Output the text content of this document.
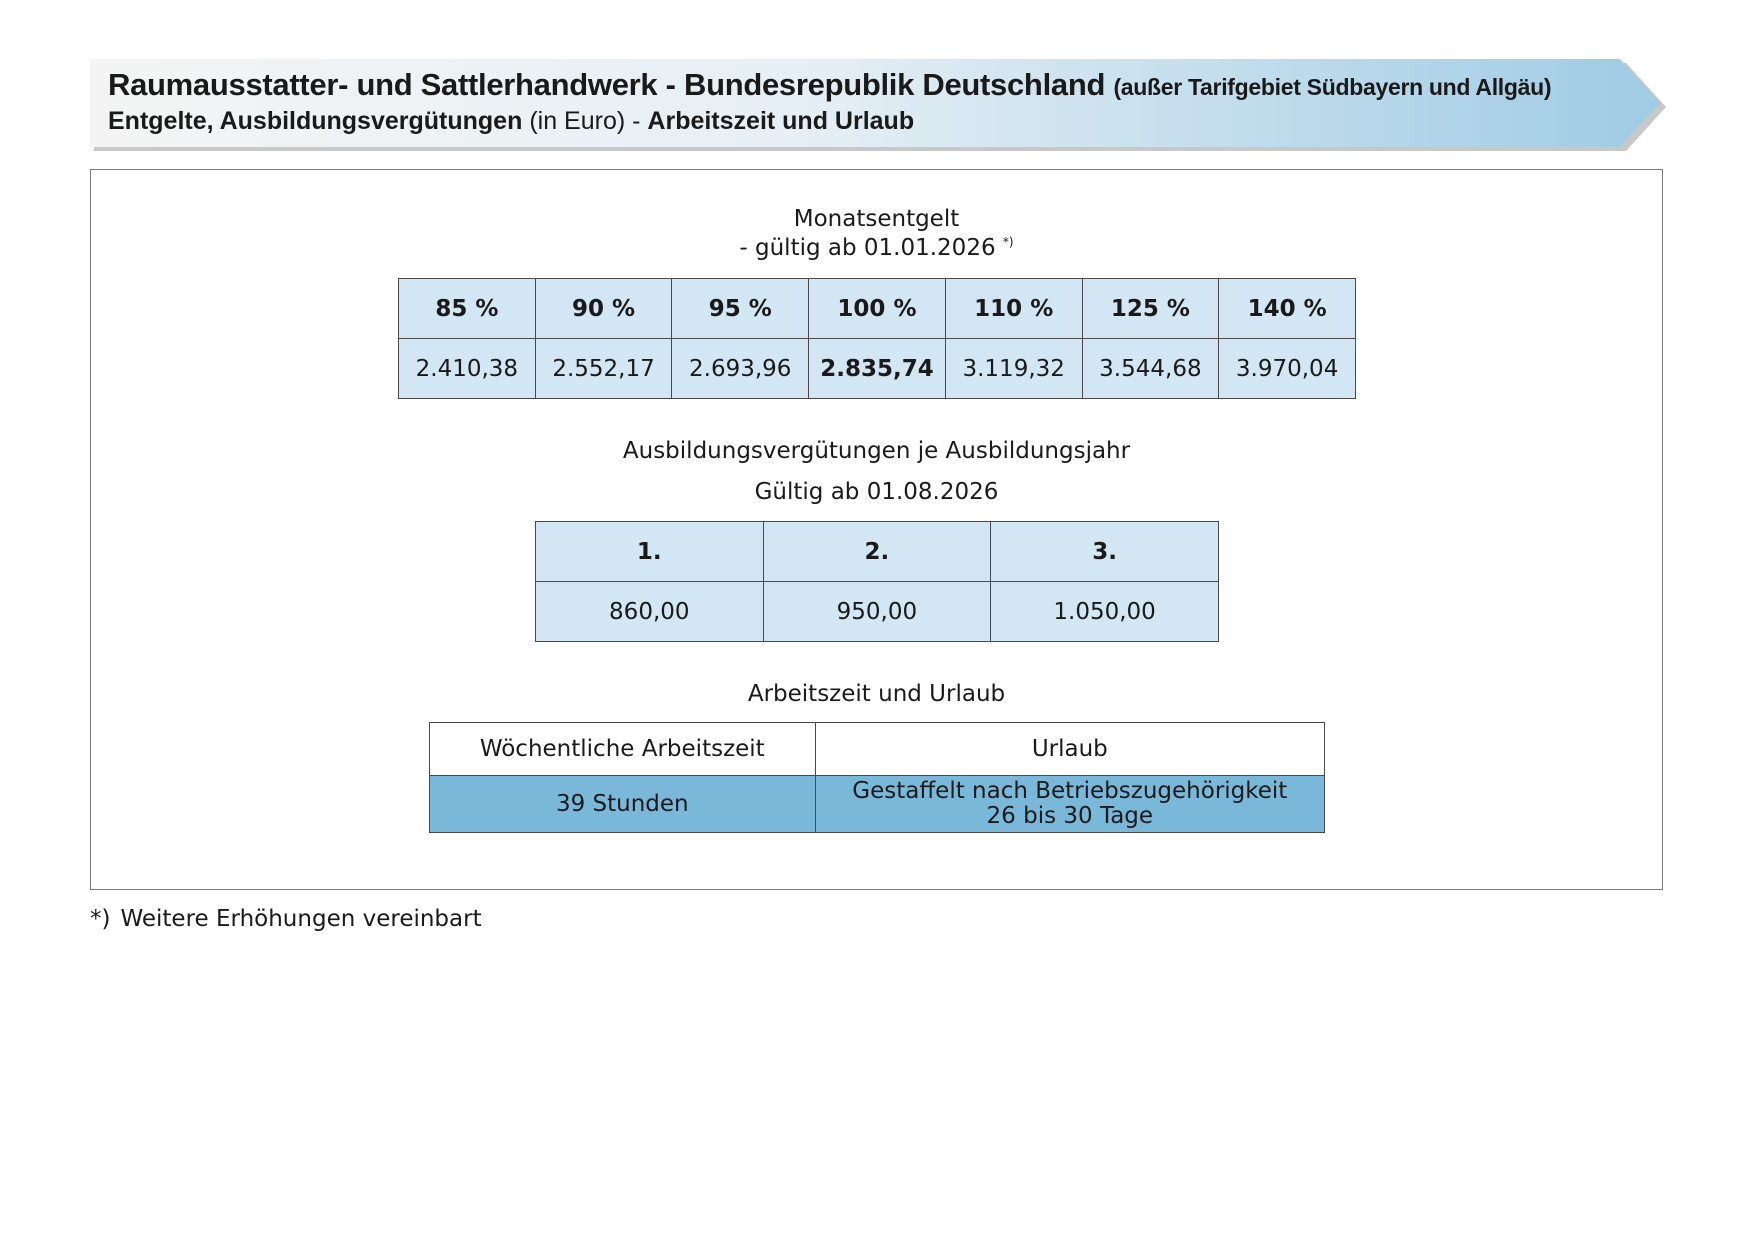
Raumausstatter- und Sattlerhandwerk - Bundesrepublik Deutschland (außer Tarifgebiet Südbayern und Allgäu)
Entgelte, Ausbildungsvergütungen (in Euro) - Arbeitszeit und Urlaub
Monatsentgelt
- gültig ab 01.01.2026 *)
85 %	90 %	95 %	100 %	110 %	125 %	140 %
2.410,38	2.552,17	2.693,96	2.835,74	3.119,32	3.544,68	3.970,04
Ausbildungsvergütungen je Ausbildungsjahr
Gültig ab 01.08.2026
1.	2.	3.
860,00	950,00	1.050,00
Arbeitszeit und Urlaub
Wöchentliche Arbeitszeit	Urlaub
39 Stunden	Gestaffelt nach Betriebszugehörigkeit
26 bis 30 Tage
*) Weitere Erhöhungen vereinbart
